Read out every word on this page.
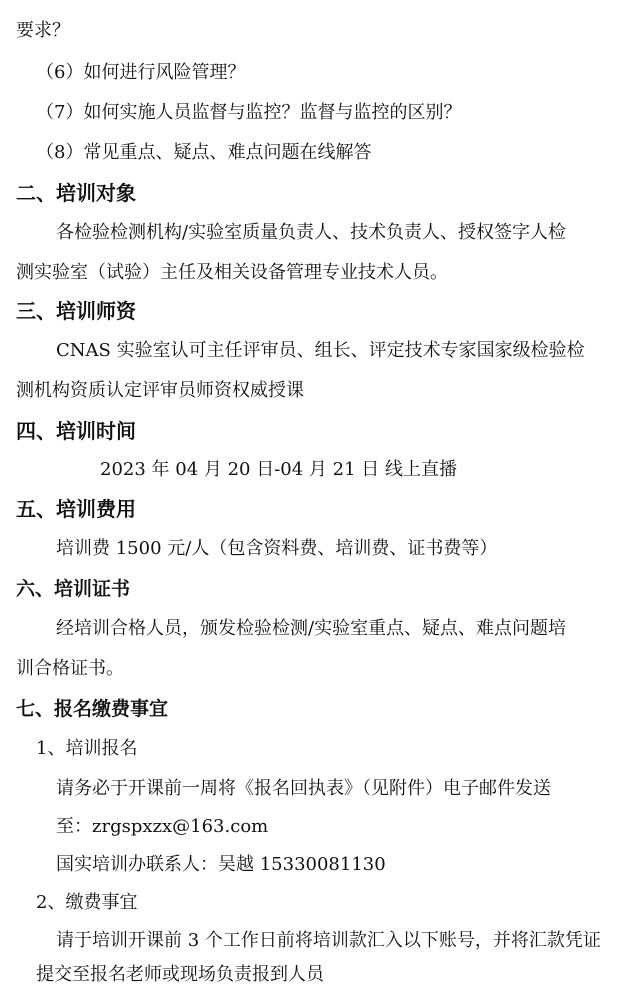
要求？
（6）如何进行风险管理？
（7）如何实施人员监督与监控？监督与监控的区别？
（8）常见重点、疑点、难点问题在线解答
二、培训对象
各检验检测机构/实验室质量负责人、技术负责人、授权签字人检
测实验室（试验）主任及相关设备管理专业技术人员。
三、培训师资
CNAS 实验室认可主任评审员、组长、评定技术专家国家级检验检
测机构资质认定评审员师资权威授课
四、培训时间
2023 年 04 月 20 日-04 月 21 日 线上直播
五、培训费用
培训费 1500 元/人（包含资料费、培训费、证书费等）
六、培训证书
经培训合格人员，颁发检验检测/实验室重点、疑点、难点问题培
训合格证书。
七、报名缴费事宜
1、培训报名
请务必于开课前一周将《报名回执表》（见附件）电子邮件发送
至：zrgspxzx@163.com
国实培训办联系人：吴越 15330081130
2、缴费事宜
请于培训开课前 3 个工作日前将培训款汇入以下账号，并将汇款凭证
提交至报名老师或现场负责报到人员
